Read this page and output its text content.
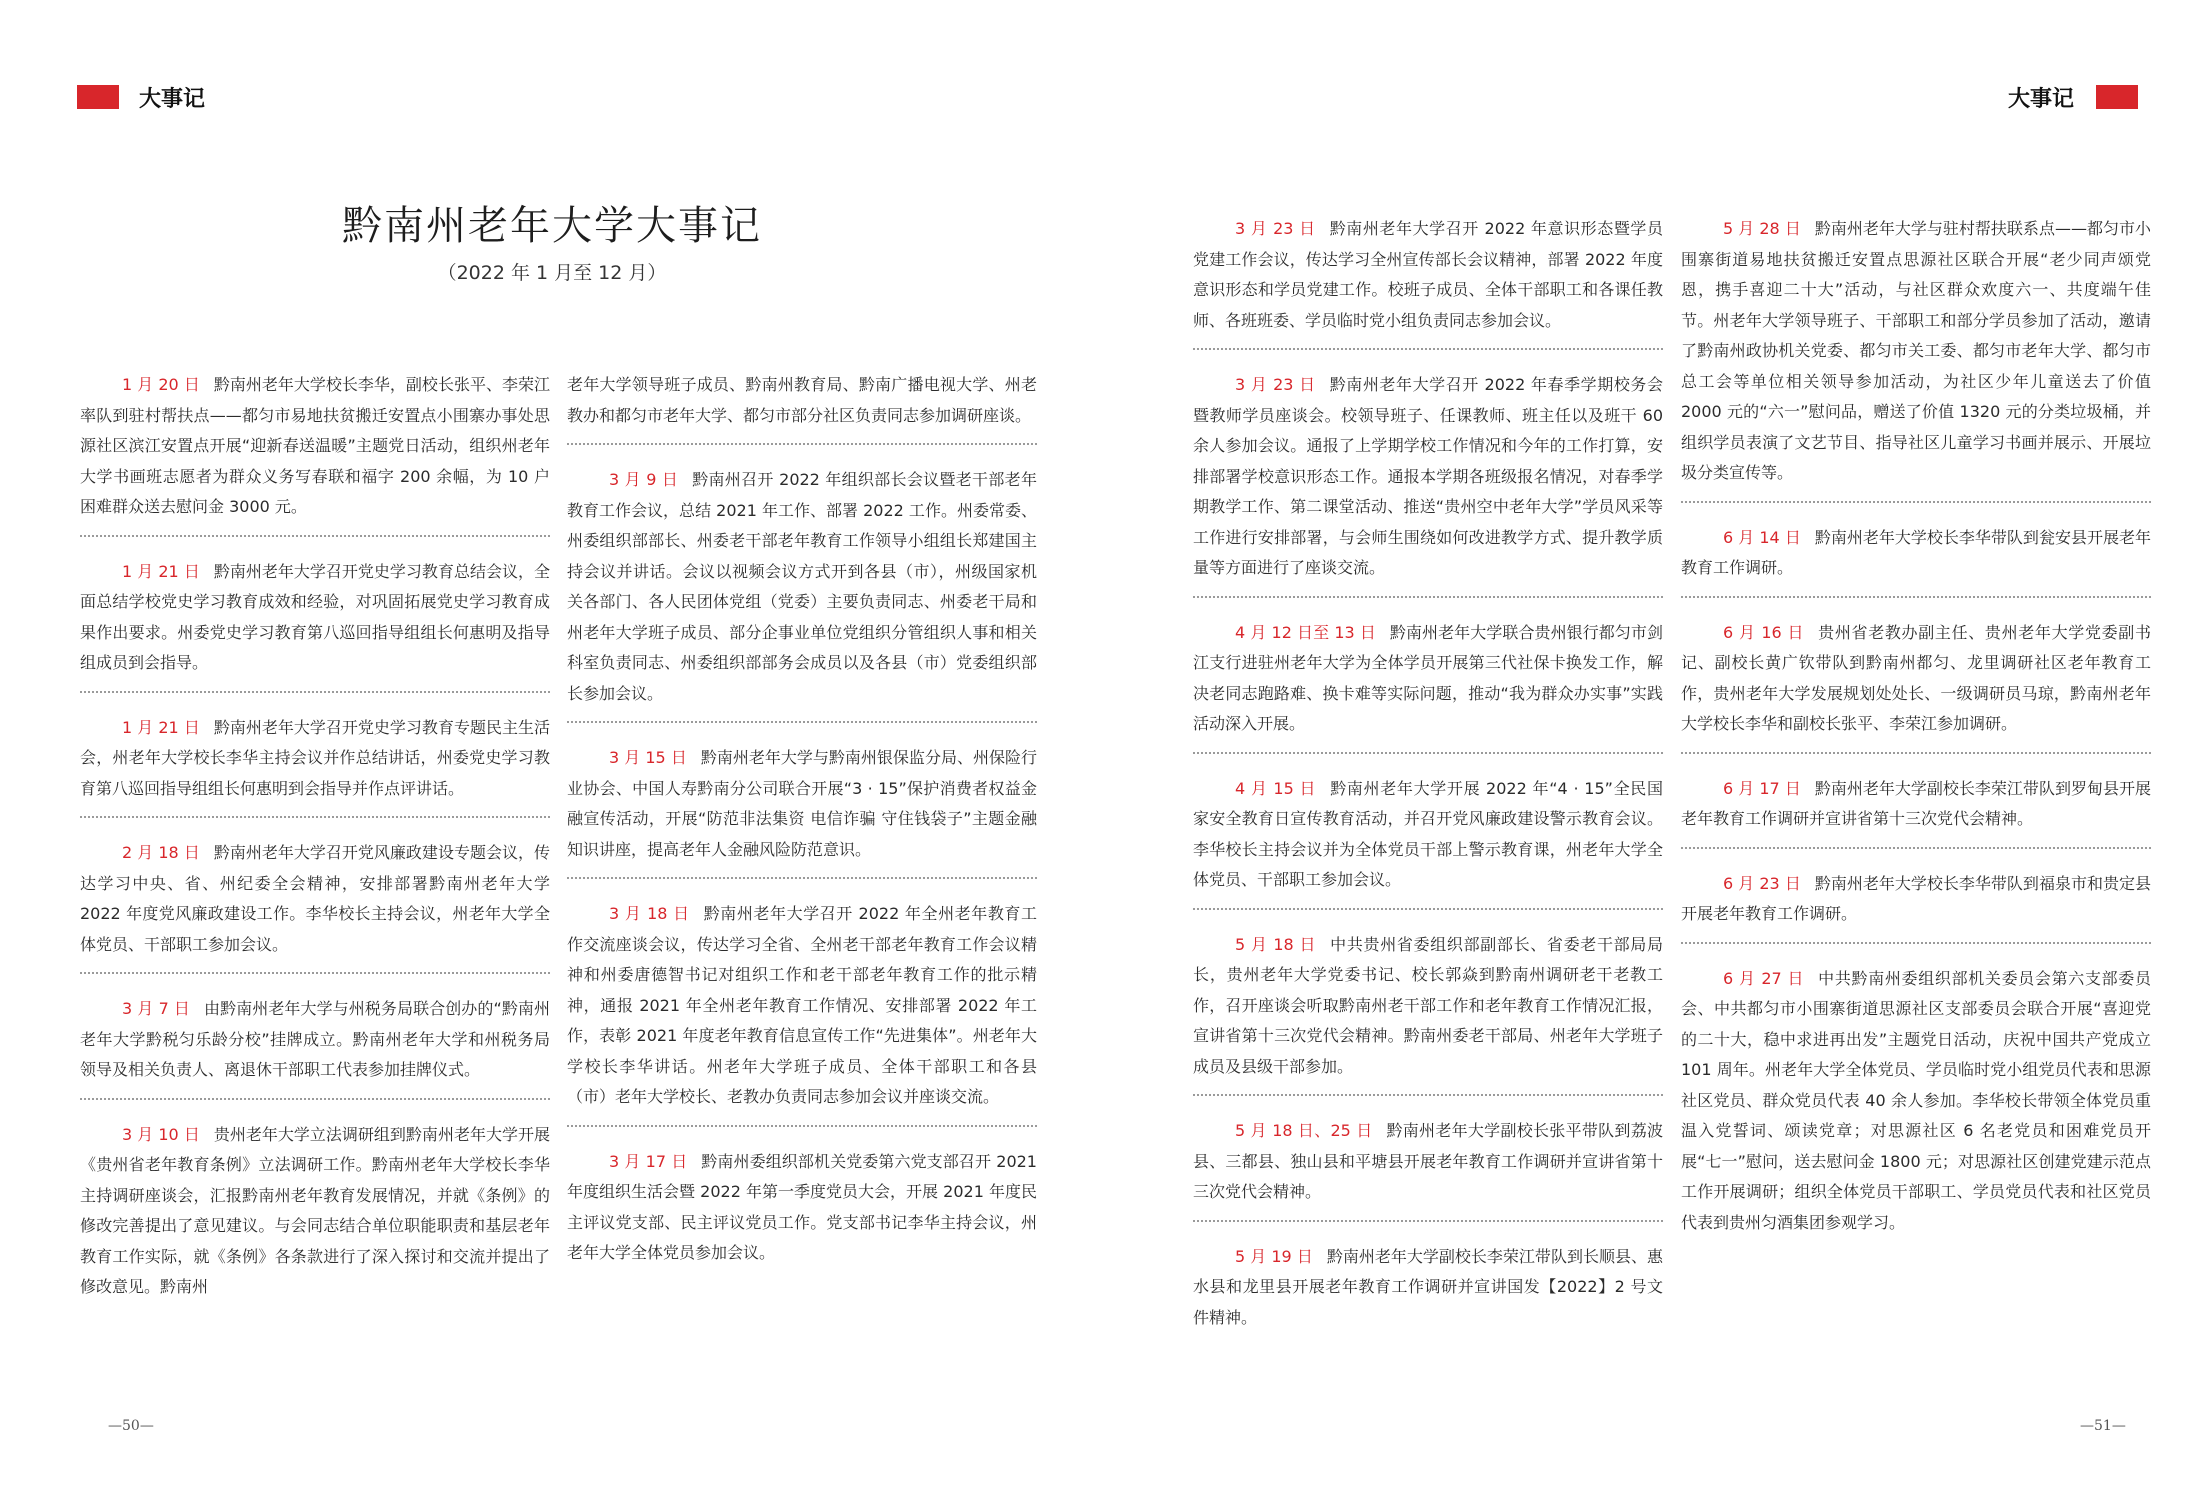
大事记	大事记
黔南州老年大学大事记
（2022 年 1 月至 12 月）

1 月 20 日 黔南州老年大学校长李华，副校长张平、李荣江率队到驻村帮扶点——都匀市易地扶贫搬迁安置点小围寨办事处思源社区滨江安置点开展“迎新春送温暖”主题党日活动，组织州老年大学书画班志愿者为群众义务写春联和福字 200 余幅，为 10 户困难群众送去慰问金 3000 元。

1 月 21 日 黔南州老年大学召开党史学习教育总结会议，全面总结学校党史学习教育成效和经验，对巩固拓展党史学习教育成果作出要求。州委党史学习教育第八巡回指导组组长何惠明及指导组成员到会指导。

1 月 21 日 黔南州老年大学召开党史学习教育专题民主生活会，州老年大学校长李华主持会议并作总结讲话，州委党史学习教育第八巡回指导组组长何惠明到会指导并作点评讲话。

2 月 18 日 黔南州老年大学召开党风廉政建设专题会议，传达学习中央、省、州纪委全会精神，安排部署黔南州老年大学 2022 年度党风廉政建设工作。李华校长主持会议，州老年大学全体党员、干部职工参加会议。

3 月 7 日 由黔南州老年大学与州税务局联合创办的“黔南州老年大学黔税匀乐龄分校”挂牌成立。黔南州老年大学和州税务局领导及相关负责人、离退休干部职工代表参加挂牌仪式。

3 月 10 日 贵州老年大学立法调研组到黔南州老年大学开展《贵州省老年教育条例》立法调研工作。黔南州老年大学校长李华主持调研座谈会，汇报黔南州老年教育发展情况，并就《条例》的修改完善提出了意见建议。与会同志结合单位职能职责和基层老年教育工作实际，就《条例》各条款进行了深入探讨和交流并提出了修改意见。黔南州

老年大学领导班子成员、黔南州教育局、黔南广播电视大学、州老教办和都匀市老年大学、都匀市部分社区负责同志参加调研座谈。

3 月 9 日 黔南州召开 2022 年组织部长会议暨老干部老年教育工作会议，总结 2021 年工作、部署 2022 工作。州委常委、州委组织部部长、州委老干部老年教育工作领导小组组长郑建国主持会议并讲话。会议以视频会议方式开到各县（市），州级国家机关各部门、各人民团体党组（党委）主要负责同志、州委老干局和州老年大学班子成员、部分企事业单位党组织分管组织人事和相关科室负责同志、州委组织部部务会成员以及各县（市）党委组织部长参加会议。

3 月 15 日 黔南州老年大学与黔南州银保监分局、州保险行业协会、中国人寿黔南分公司联合开展“3 · 15”保护消费者权益金融宣传活动，开展“防范非法集资 电信诈骗 守住钱袋子”主题金融知识讲座，提高老年人金融风险防范意识。

3 月 18 日 黔南州老年大学召开 2022 年全州老年教育工作交流座谈会议，传达学习全省、全州老干部老年教育工作会议精神和州委唐德智书记对组织工作和老干部老年教育工作的批示精神，通报 2021 年全州老年教育工作情况、安排部署 2022 年工作，表彰 2021 年度老年教育信息宣传工作“先进集体”。州老年大学校长李华讲话。州老年大学班子成员、全体干部职工和各县（市）老年大学校长、老教办负责同志参加会议并座谈交流。

3 月 17 日 黔南州委组织部机关党委第六党支部召开 2021 年度组织生活会暨 2022 年第一季度党员大会，开展 2021 年度民主评议党支部、民主评议党员工作。党支部书记李华主持会议，州老年大学全体党员参加会议。

3 月 23 日 黔南州老年大学召开 2022 年意识形态暨学员党建工作会议，传达学习全州宣传部长会议精神，部署 2022 年度意识形态和学员党建工作。校班子成员、全体干部职工和各课任教师、各班班委、学员临时党小组负责同志参加会议。

3 月 23 日 黔南州老年大学召开 2022 年春季学期校务会暨教师学员座谈会。校领导班子、任课教师、班主任以及班干 60 余人参加会议。通报了上学期学校工作情况和今年的工作打算，安排部署学校意识形态工作。通报本学期各班级报名情况，对春季学期教学工作、第二课堂活动、推送“贵州空中老年大学”学员风采等工作进行安排部署，与会师生围绕如何改进教学方式、提升教学质量等方面进行了座谈交流。

4 月 12 日至 13 日 黔南州老年大学联合贵州银行都匀市剑江支行进驻州老年大学为全体学员开展第三代社保卡换发工作，解决老同志跑路难、换卡难等实际问题，推动“我为群众办实事”实践活动深入开展。

4 月 15 日 黔南州老年大学开展 2022 年“4 · 15”全民国家安全教育日宣传教育活动，并召开党风廉政建设警示教育会议。李华校长主持会议并为全体党员干部上警示教育课，州老年大学全体党员、干部职工参加会议。

5 月 18 日 中共贵州省委组织部副部长、省委老干部局局长，贵州老年大学党委书记、校长郭焱到黔南州调研老干老教工作，召开座谈会听取黔南州老干部工作和老年教育工作情况汇报，宣讲省第十三次党代会精神。黔南州委老干部局、州老年大学班子成员及县级干部参加。

5 月 18 日、25 日 黔南州老年大学副校长张平带队到荔波县、三都县、独山县和平塘县开展老年教育工作调研并宣讲省第十三次党代会精神。

5 月 19 日 黔南州老年大学副校长李荣江带队到长顺县、惠水县和龙里县开展老年教育工作调研并宣讲国发【2022】2 号文件精神。

5 月 28 日 黔南州老年大学与驻村帮扶联系点——都匀市小围寨街道易地扶贫搬迁安置点思源社区联合开展“老少同声颂党恩，携手喜迎二十大”活动，与社区群众欢度六一、共度端午佳节。州老年大学领导班子、干部职工和部分学员参加了活动，邀请了黔南州政协机关党委、都匀市关工委、都匀市老年大学、都匀市总工会等单位相关领导参加活动，为社区少年儿童送去了价值 2000 元的“六一”慰问品，赠送了价值 1320 元的分类垃圾桶，并组织学员表演了文艺节目、指导社区儿童学习书画并展示、开展垃圾分类宣传等。

6 月 14 日 黔南州老年大学校长李华带队到瓮安县开展老年教育工作调研。

6 月 16 日 贵州省老教办副主任、贵州老年大学党委副书记、副校长黄广钦带队到黔南州都匀、龙里调研社区老年教育工作，贵州老年大学发展规划处处长、一级调研员马琼，黔南州老年大学校长李华和副校长张平、李荣江参加调研。

6 月 17 日 黔南州老年大学副校长李荣江带队到罗甸县开展老年教育工作调研并宣讲省第十三次党代会精神。

6 月 23 日 黔南州老年大学校长李华带队到福泉市和贵定县开展老年教育工作调研。

6 月 27 日 中共黔南州委组织部机关委员会第六支部委员会、中共都匀市小围寨街道思源社区支部委员会联合开展“喜迎党的二十大，稳中求进再出发”主题党日活动，庆祝中国共产党成立 101 周年。州老年大学全体党员、学员临时党小组党员代表和思源社区党员、群众党员代表 40 余人参加。李华校长带领全体党员重温入党誓词、颂读党章；对思源社区 6 名老党员和困难党员开展“七一”慰问，送去慰问金 1800 元；对思源社区创建党建示范点工作开展调研；组织全体党员干部职工、学员党员代表和社区党员代表到贵州匀酒集团参观学习。

—50—	—51—
